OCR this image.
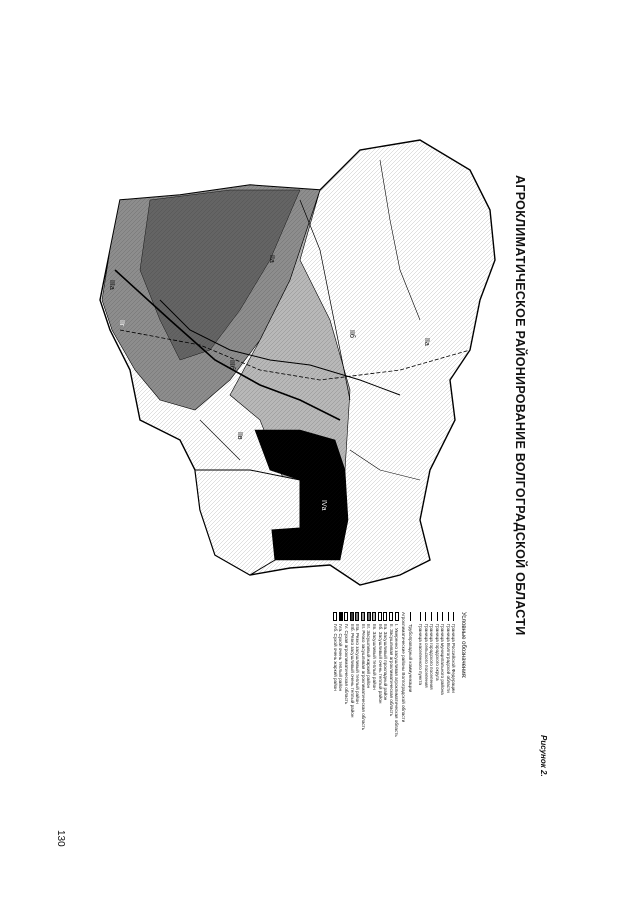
АГРОКЛИМАТИЧЕСКОЕ РАЙОНИРОВАНИЕ ВОЛГОГРАДСКОЙ ОБЛАСТИ
Рисунок 2.
130
IIа
IIб
IIа
IIIа
IIIб
IIв
IIг
IVа
Условные обозначения:
Граница Российской Федерации
Граница Волгоградской области
Граница муниципального района
Граница городского округа
Граница городского поселения
Граница сельского поселения
Граница населенного пункта
Трубопроводный коммуникации
Агроклиматические районы Волгоградской области
I. Умеренно засушливая агроклиматическая область
II. Засушливая агроклиматическая область
IIа. Засушливый прохладный район
IIб. Засушливый очень теплый район
IIв. Засушливый теплый район
IIг. Засушливый жаркий район
III. Резко засушливая агроклиматическая область
IIIа. Резко засушливый теплый район
IIIб. Резко засушливый очень теплый район
IV. Сухая агроклиматическая область
IVа. Сухой очень теплый район
IVб. Сухой очень жаркий район
